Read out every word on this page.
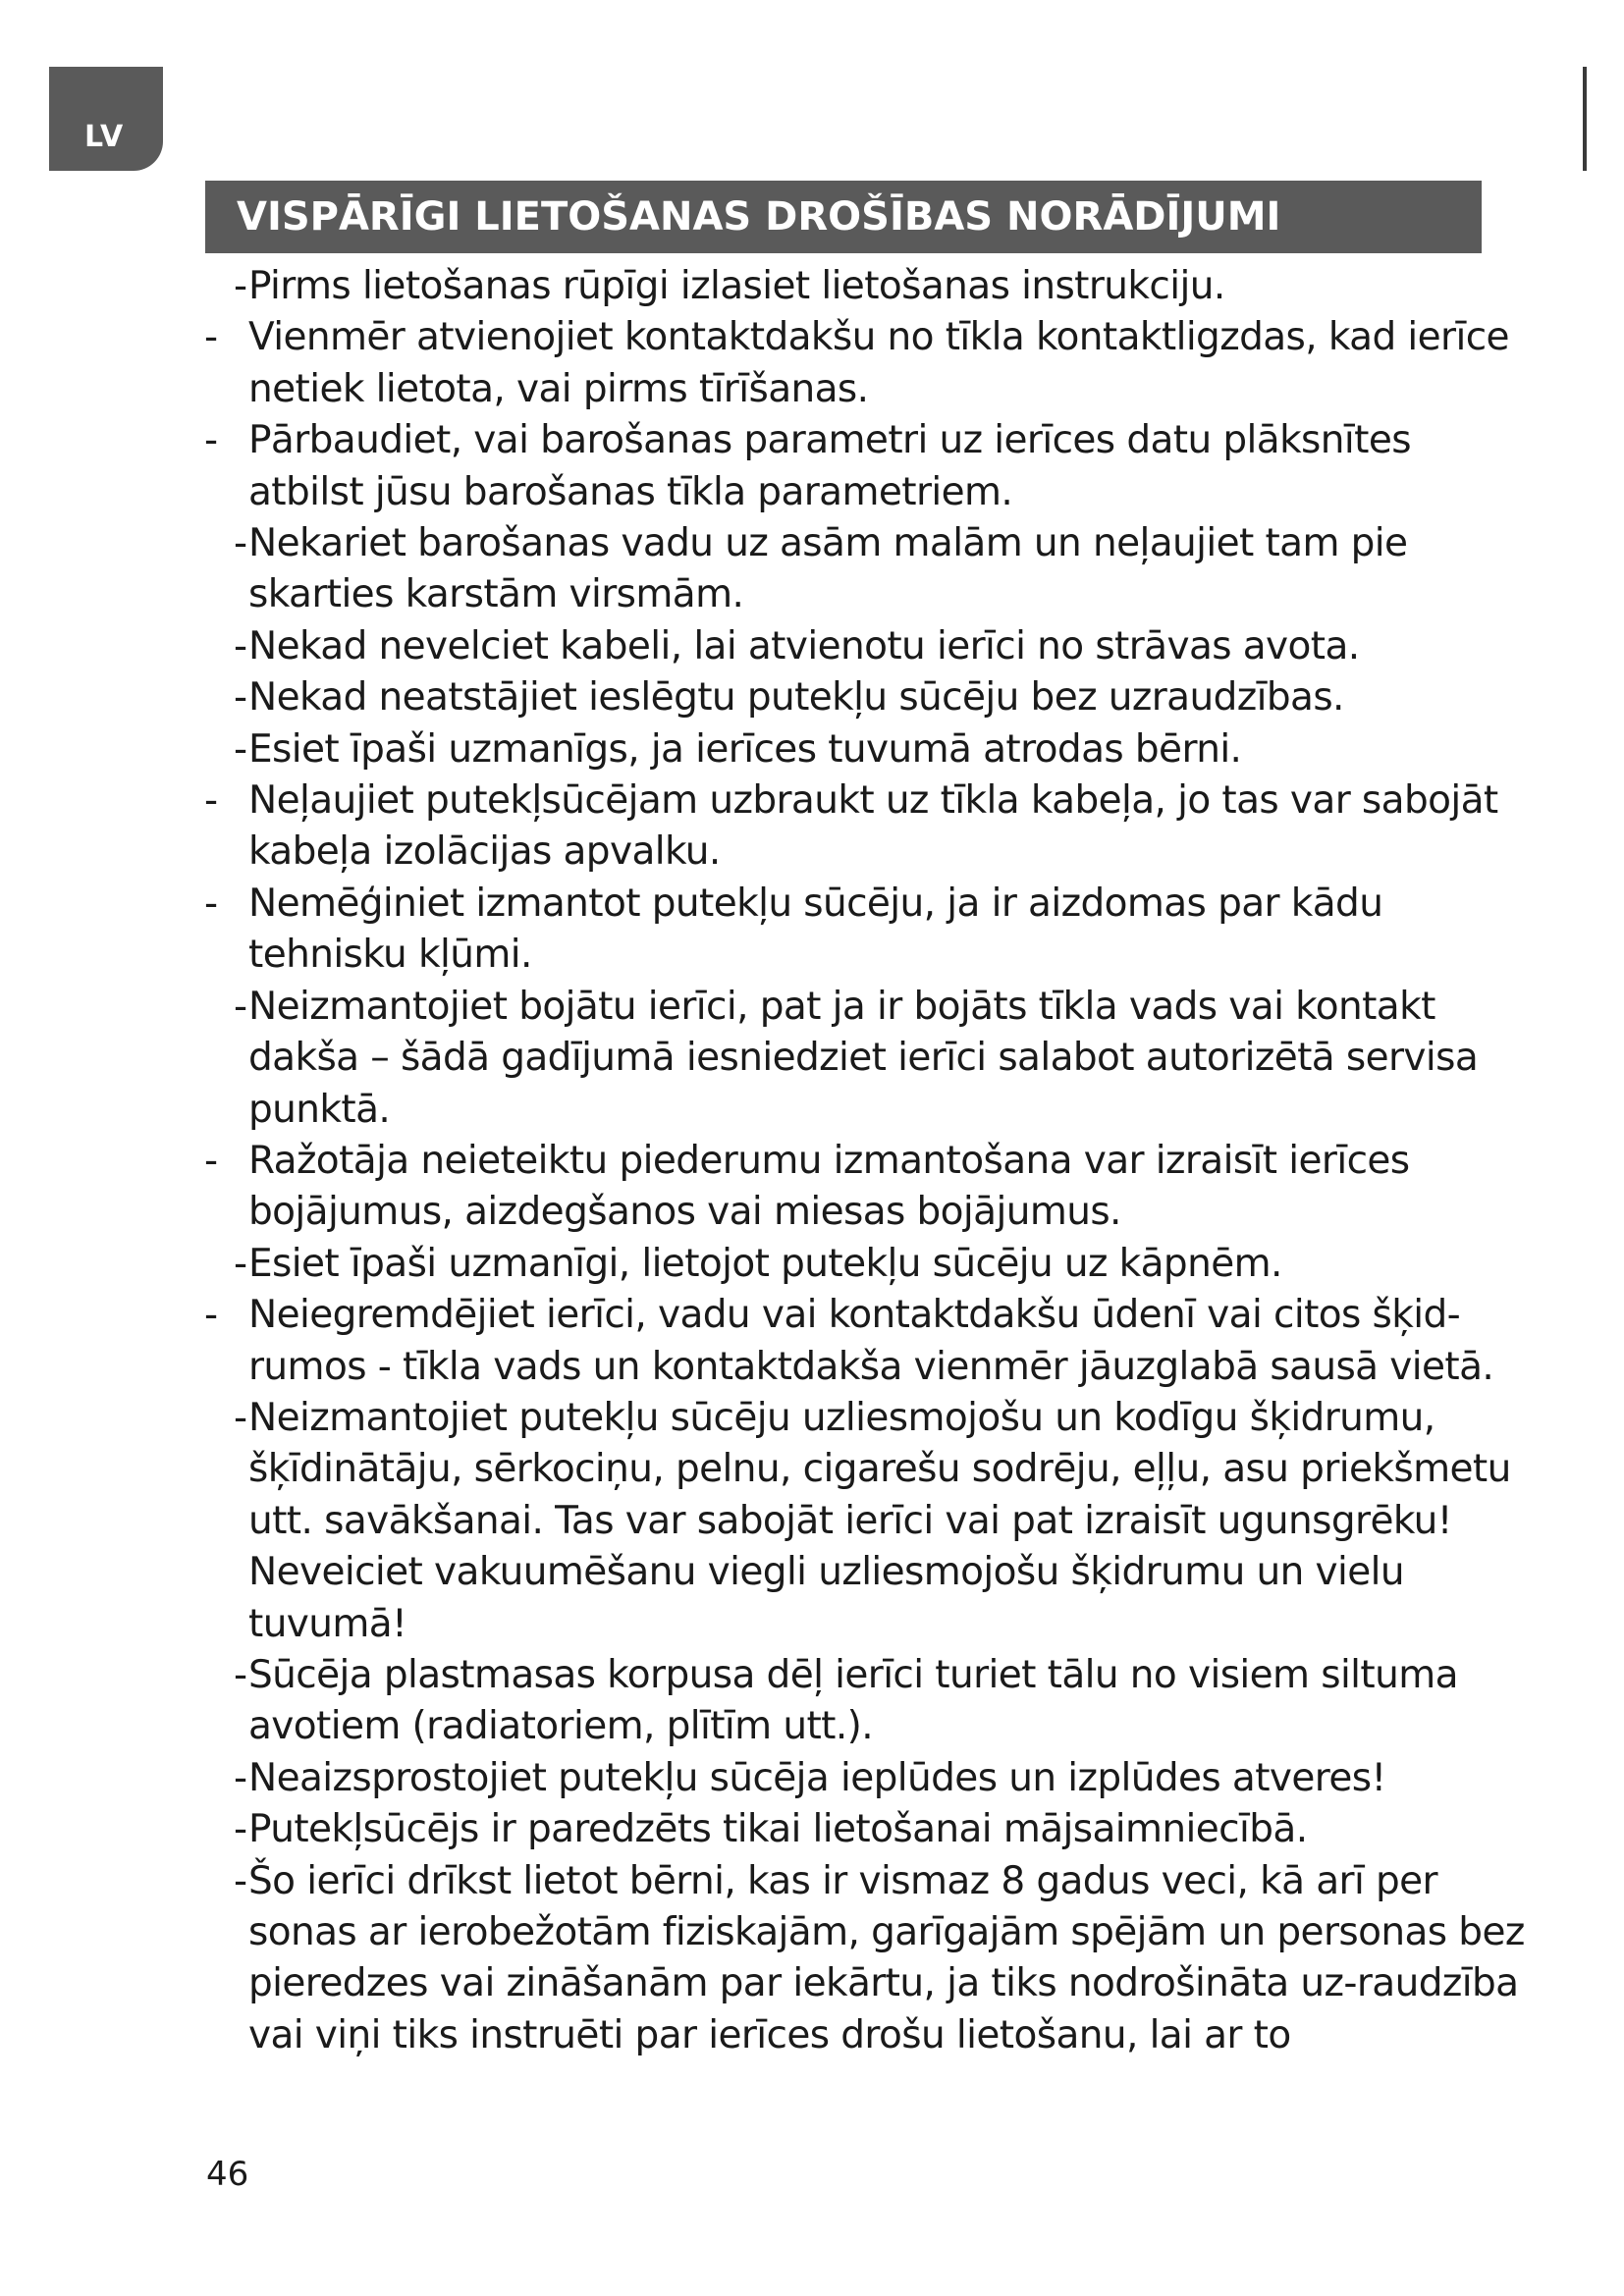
LV
VISPĀRĪGI LIETOŠANAS DROŠĪBAS NORĀDĪJUMI
- Pirms lietošanas rūpīgi izlasiet lietošanas instrukciju.
- Vienmēr atvienojiet kontaktdakšu no tīkla kontaktligzdas, kad ierīce netiek lietota, vai pirms tīrīšanas.
- Pārbaudiet, vai barošanas parametri uz ierīces datu plāksnītes atbilst jūsu barošanas tīkla parametriem.
- Nekariet barošanas vadu uz asām malām un neļaujiet tam pie skarties karstām virsmām.
- Nekad nevelciet kabeli, lai atvienotu ierīci no strāvas avota.
- Nekad neatstājiet ieslēgtu putekļu sūcēju bez uzraudzības.
- Esiet īpaši uzmanīgs, ja ierīces tuvumā atrodas bērni.
- Neļaujiet putekļsūcējam uzbraukt uz tīkla kabeļa, jo tas var sabojāt kabeļa izolācijas apvalku.
- Nemēģiniet izmantot putekļu sūcēju, ja ir aizdomas par kādu tehnisku kļūmi.
- Neizmantojiet bojātu ierīci, pat ja ir bojāts tīkla vads vai kontakt dakša – šādā gadījumā iesniedziet ierīci salabot autorizētā servisa punktā.
- Ražotāja neieteiktu piederumu izmantošana var izraisīt ierīces bojājumus, aizdegšanos vai miesas bojājumus.
- Esiet īpaši uzmanīgi, lietojot putekļu sūcēju uz kāpnēm.
- Neiegremdējiet ierīci, vadu vai kontaktdakšu ūdenī vai citos šķid-rumos - tīkla vads un kontaktdakša vienmēr jāuzglabā sausā vietā.
- Neizmantojiet putekļu sūcēju uzliesmojošu un kodīgu šķidrumu, šķīdinātāju, sērkociņu, pelnu, cigarešu sodrēju, eļļu, asu priekšmetu utt. savākšanai. Tas var sabojāt ierīci vai pat izraisīt ugunsgrēku! Neveiciet vakuumēšanu viegli uzliesmojošu šķidrumu un vielu tuvumā!
- Sūcēja plastmasas korpusa dēļ ierīci turiet tālu no visiem siltuma avotiem (radiatoriem, plītīm utt.).
- Neaizsprostojiet putekļu sūcēja ieplūdes un izplūdes atveres!
- Putekļsūcējs ir paredzēts tikai lietošanai mājsaimniecībā.
- Šo ierīci drīkst lietot bērni, kas ir vismaz 8 gadus veci, kā arī per sonas ar ierobežotām fiziskajām, garīgajām spējām un personas bez pieredzes vai zināšanām par iekārtu, ja tiks nodrošināta uz-raudzība vai viņi tiks instruēti par ierīces drošu lietošanu, lai ar to
46
